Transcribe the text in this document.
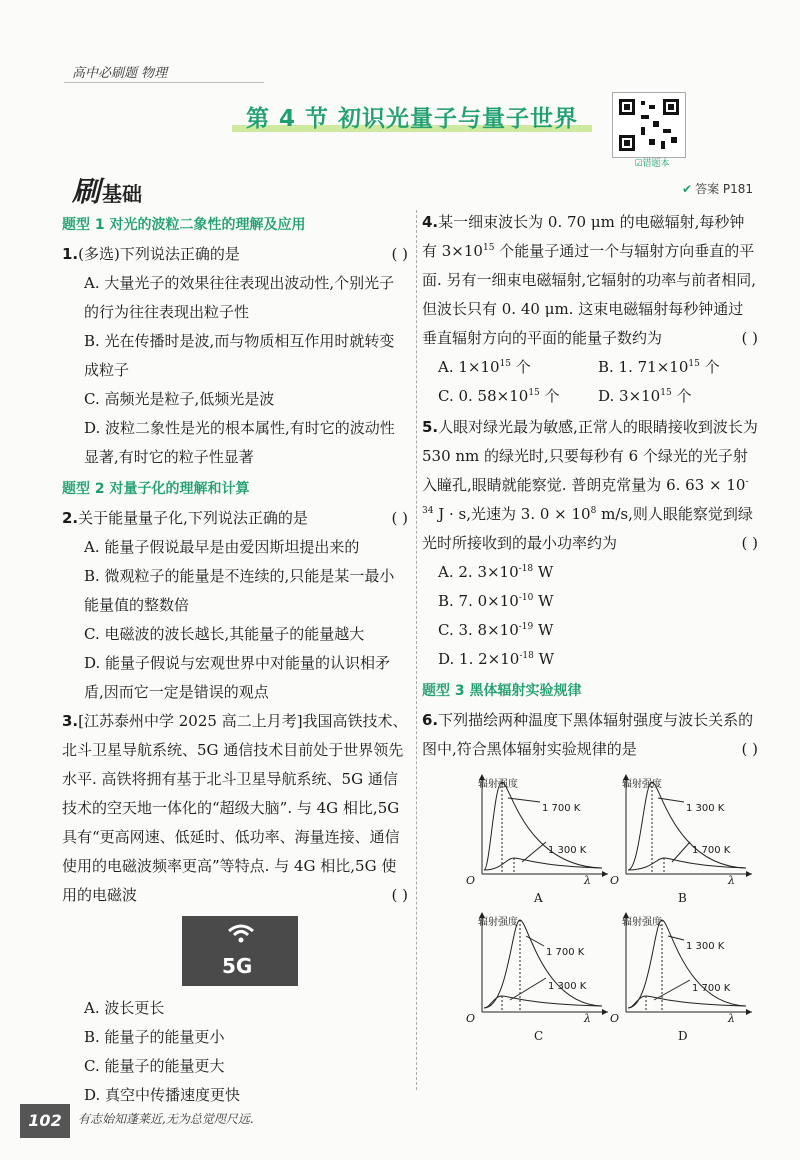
高中必刷题 物理
第 4 节 初识光量子与量子世界
☑错题本
刷 基础	✔ 答案 P181
题型 1 对光的波粒二象性的理解及应用
1.(多选)下列说法正确的是	( )
A. 大量光子的效果往往表现出波动性,个别光子的行为往往表现出粒子性
B. 光在传播时是波,而与物质相互作用时就转变成粒子
C. 高频光是粒子,低频光是波
D. 波粒二象性是光的根本属性,有时它的波动性显著,有时它的粒子性显著
题型 2 对量子化的理解和计算
2.关于能量量子化,下列说法正确的是	( )
A. 能量子假说最早是由爱因斯坦提出来的
B. 微观粒子的能量是不连续的,只能是某一最小能量值的整数倍
C. 电磁波的波长越长,其能量子的能量越大
D. 能量子假说与宏观世界中对能量的认识相矛盾,因而它一定是错误的观点
3.[江苏泰州中学 2025 高二上月考]我国高铁技术、北斗卫星导航系统、5G 通信技术目前处于世界领先水平. 高铁将拥有基于北斗卫星导航系统、5G 通信技术的空天地一体化的“超级大脑”. 与 4G 相比,5G 具有“更高网速、低延时、低功率、海量连接、通信使用的电磁波频率更高”等特点. 与 4G 相比,5G 使用的电磁波	( )
5G
A. 波长更长
B. 能量子的能量更小
C. 能量子的能量更大
D. 真空中传播速度更快
4.某一细束波长为 0. 70 μm 的电磁辐射,每秒钟有 $3\times 10^{15}$ 个能量子通过一个与辐射方向垂直的平面. 另有一细束电磁辐射,它辐射的功率与前者相同,但波长只有 0. 40 μm. 这束电磁辐射每秒钟通过垂直辐射方向的平面的能量子数约为	( )
A. $1\times 10^{15}$ 个	B. 1. $71\times 10^{15}$ 个
C. 0. $58\times 10^{15}$ 个	D. $3\times 10^{15}$ 个
5.人眼对绿光最为敏感,正常人的眼睛接收到波长为 530 nm 的绿光时,只要每秒有 6 个绿光的光子射入瞳孔,眼睛就能察觉. 普朗克常量为 6. $63 \times 10^{-34}$ J · s,光速为 3. $0 \times 10^8$ m/s,则人眼能察觉到绿光时所接收到的最小功率约为	( )
A. 2. $3\times 10^{-18}$ W
B. 7. $0\times 10^{-10}$ W
C. 3. $8\times 10^{-19}$ W
D. 1. $2\times 10^{-18}$ W
题型 3 黑体辐射实验规律
6.下列描绘两种温度下黑体辐射强度与波长关系的图中,符合黑体辐射实验规律的是	( )
辐射强度
1 700 K
1 300 K
O	λ
A
辐射强度
1 300 K
1 700 K
O	λ
B
辐射强度
1 700 K
1 300 K
O	λ
C
辐射强度
1 300 K
1 700 K
O	λ
D
102	有志始知蓬莱近,无为总觉咫尺远.
